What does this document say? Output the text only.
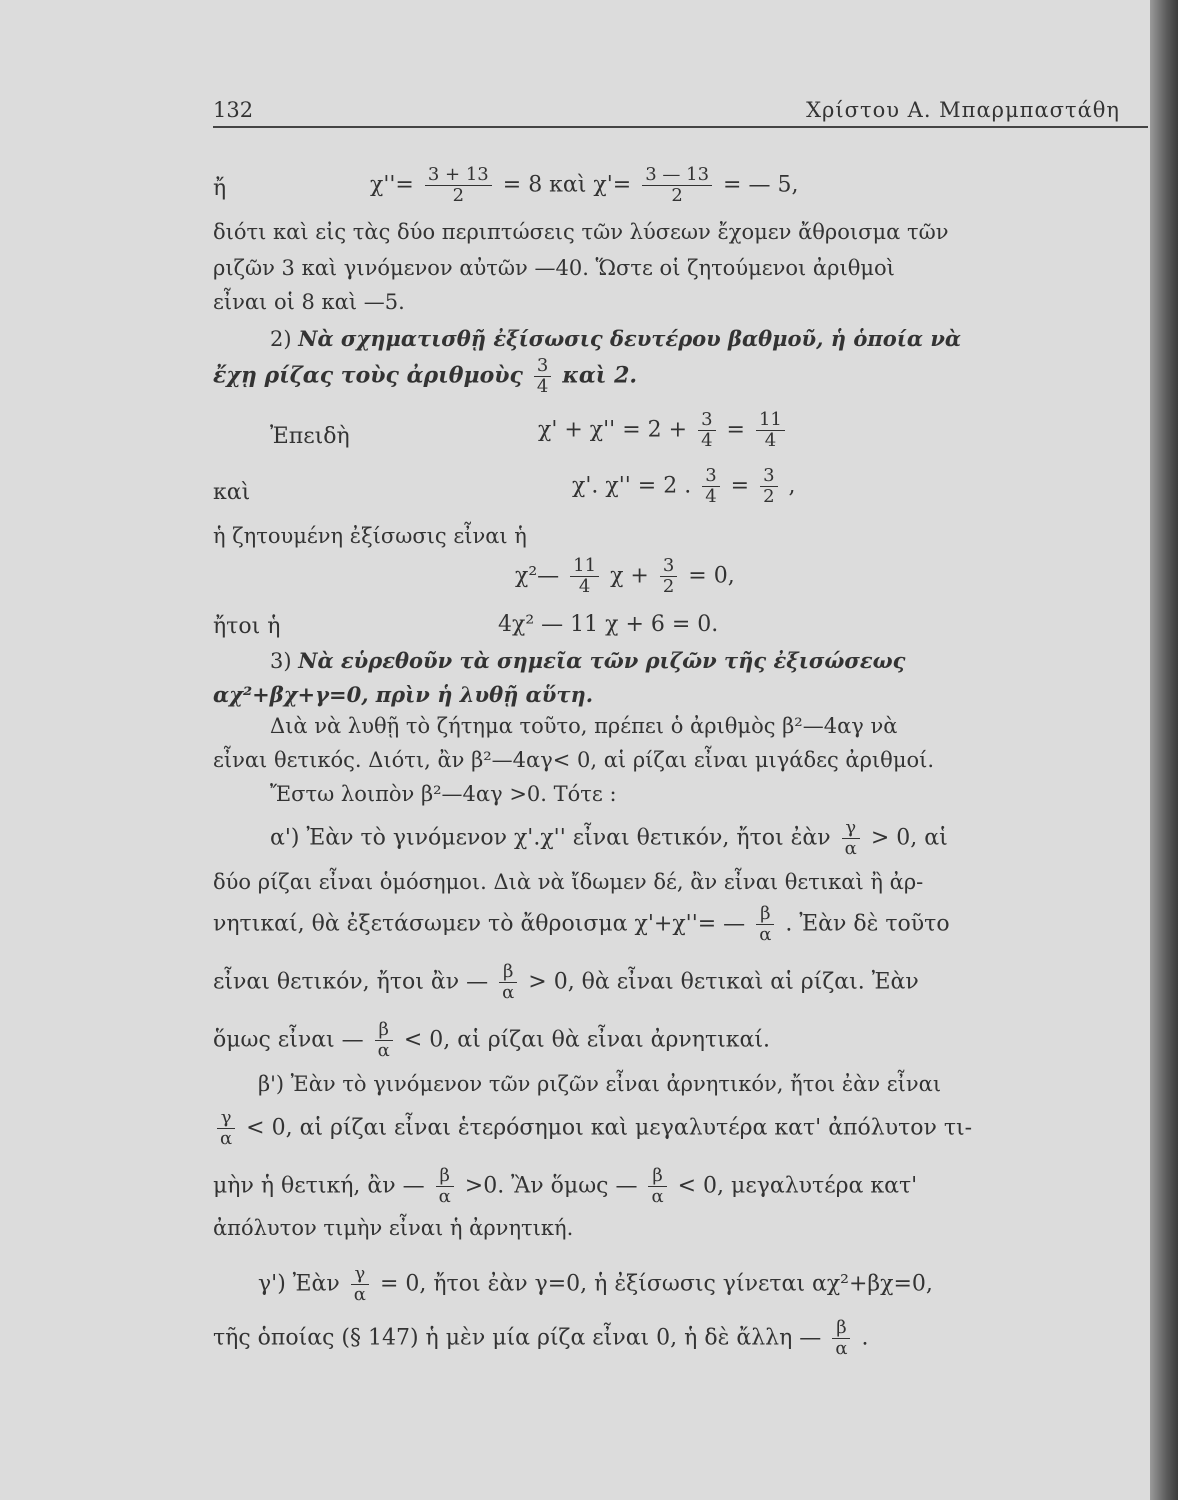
132	Χρίστου Α. Μπαρμπαστάθη
ἤ	$\chi''= \frac{3 + 13}{2} = 8$ καὶ $\chi'= \frac{3 — 13}{2}$ = — 5,
διότι καὶ εἰς τὰς δύο περιπτώσεις τῶν λύσεων ἔχομεν ἄθροισμα τῶν
ριζῶν 3 καὶ γινόμενον αὐτῶν —40. Ὥστε οἱ ζητούμενοι ἀριθμοὶ
εἶναι οἱ 8 καὶ —5.
2) Νὰ σχηματισθῇ ἐξίσωσις δευτέρου βαθμοῦ, ἡ ὁποία νὰ
ἔχῃ ρίζας τοὺς ἀριθμοὺς $\frac{3}{4}$ καὶ 2.
Ἐπειδὴ	$\chi' + \chi'' = 2 + \frac{3}{4} = \frac{11}{4}$
καὶ	χ'. χ'' = 2 . $\frac{3}{4} = \frac{3}{2}$ ,
ἡ ζητουμένη ἐξίσωσις εἶναι ἡ
χ²— $\frac{11}{4}$ $\chi + \frac{3}{2} = 0$,
ἤτοι ἡ	4χ² — 11 χ + 6 = 0.
3) Νὰ εὑρεθοῦν τὰ σημεῖα τῶν ριζῶν τῆς ἐξισώσεως
αχ²+βχ+γ=0, πρὶν ἡ λυθῇ αὕτη.
Διὰ νὰ λυθῇ τὸ ζήτημα τοῦτο, πρέπει ὁ ἀριθμὸς β²—4αγ νὰ
εἶναι θετικός. Διότι, ἂν β²—4αγ< 0, αἱ ρίζαι εἶναι μιγάδες ἀριθμοί.
Ἔστω λοιπὸν β²—4αγ >0. Τότε :
α') Ἐὰν τὸ γινόμενον χ'.χ'' εἶναι θετικόν, ἤτοι ἐὰν $\frac{\gamma}{\alpha} > 0$, αἱ
δύο ρίζαι εἶναι ὁμόσημοι. Διὰ νὰ ἴδωμεν δέ, ἂν εἶναι θετικαὶ ἢ ἀρ-
νητικαί, θὰ ἐξετάσωμεν τὸ ἄθροισμα χ'+χ''= — $\frac{\beta}{\alpha}$ . Ἐὰν δὲ τοῦτο
εἶναι θετικόν, ἤτοι ἂν — $\frac{\beta}{\alpha} > 0$, θὰ εἶναι θετικαὶ αἱ ρίζαι. Ἐὰν
ὅμως εἶναι — $\frac{\beta}{\alpha} < 0$, αἱ ρίζαι θὰ εἶναι ἀρνητικαί.
β') Ἐὰν τὸ γινόμενον τῶν ριζῶν εἶναι ἀρνητικόν, ἤτοι ἐὰν εἶναι
$\frac{\gamma}{\alpha} < 0$, αἱ ρίζαι εἶναι ἑτερόσημοι καὶ μεγαλυτέρα κατ' ἀπόλυτον τι-
μὴν ἡ θετική, ἂν — $\frac{\beta}{\alpha} >0$. Ἂν ὅμως — $\frac{\beta}{\alpha} < 0$, μεγαλυτέρα κατ'
ἀπόλυτον τιμὴν εἶναι ἡ ἀρνητική.
γ') Ἐὰν $\frac{\gamma}{\alpha} = 0$, ἤτοι ἐὰν γ=0, ἡ ἐξίσωσις γίνεται αχ²+βχ=0,
τῆς ὁποίας (§ 147) ἡ μὲν μία ρίζα εἶναι 0, ἡ δὲ ἄλλη — $\frac{\beta}{\alpha}$ .
